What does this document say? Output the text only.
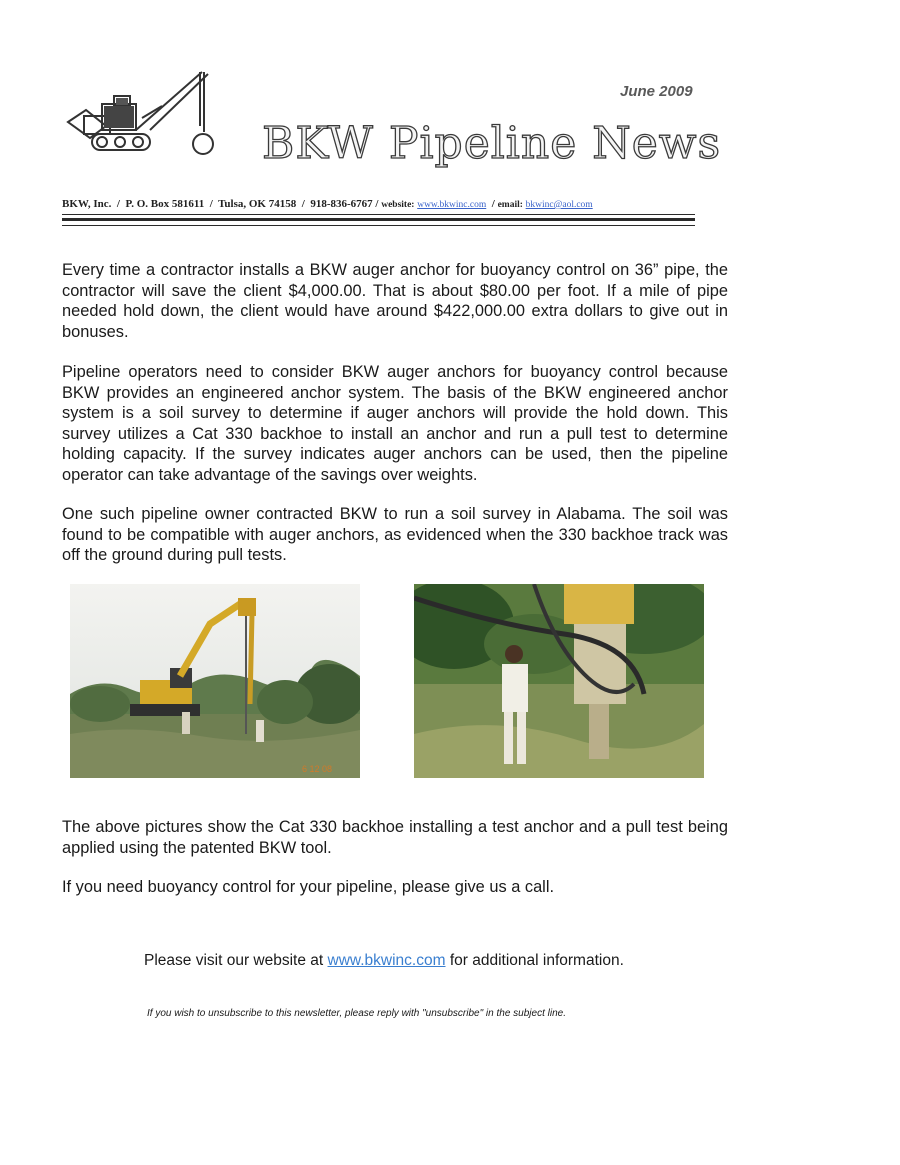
June 2009
BKW Pipeline News
BKW, Inc.  /  P. O. Box 581611  /  Tulsa, OK 74158  /  918-836-6767 / website: www.bkwinc.com  / email: bkwinc@aol.com

Every time a contractor installs a BKW auger anchor for buoyancy control on 36” pipe, the contractor will save the client $4,000.00. That is about $80.00 per foot. If a mile of pipe needed hold down, the client would have around $422,000.00 extra dollars to give out in bonuses.

Pipeline operators need to consider BKW auger anchors for buoyancy control because BKW provides an engineered anchor system. The basis of the BKW engineered anchor system is a soil survey to determine if auger anchors will provide the hold down. This survey utilizes a Cat 330 backhoe to install an anchor and run a pull test to determine holding capacity. If the survey indicates auger anchors can be used, then the pipeline operator can take advantage of the savings over weights.

One such pipeline owner contracted BKW to run a soil survey in Alabama. The soil was found to be compatible with auger anchors, as evidenced when the 330 backhoe track was off the ground during pull tests.

6 12 08

The above pictures show the Cat 330 backhoe installing a test anchor and a pull test being applied using the patented BKW tool.

If you need buoyancy control for your pipeline, please give us a call.

Please visit our website at www.bkwinc.com for additional information.
If you wish to unsubscribe to this newsletter, please reply with "unsubscribe" in the subject line.
